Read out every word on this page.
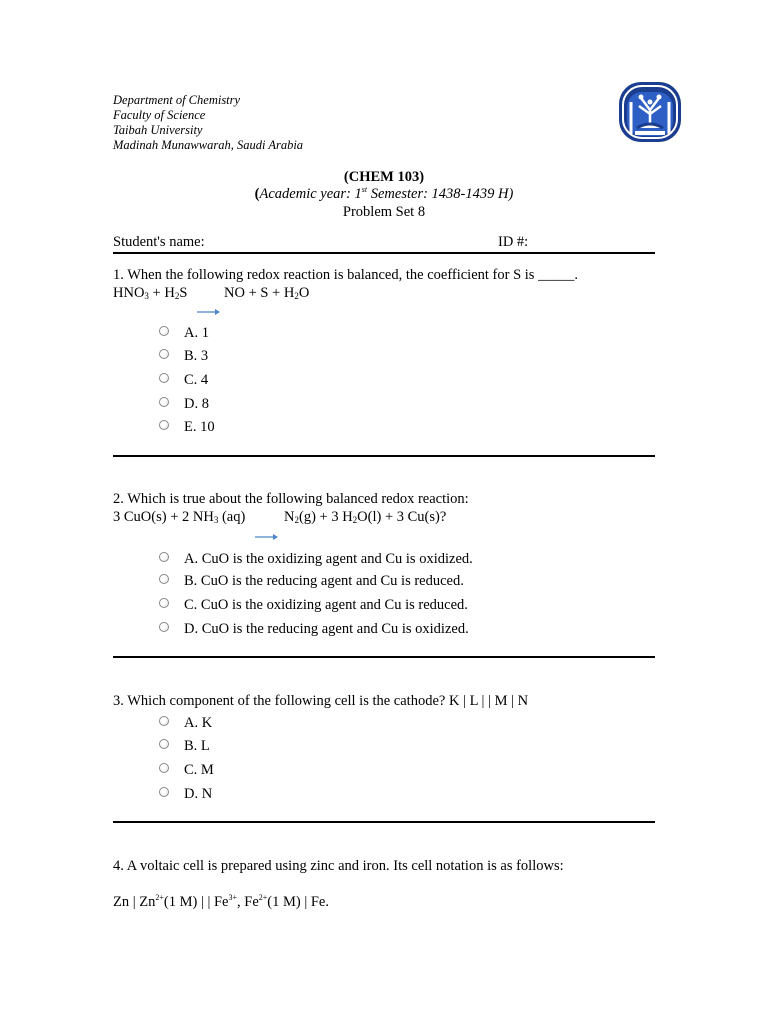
Department of Chemistry
Faculty of Science
Taibah University
Madinah Munawwarah, Saudi Arabia
(CHEM 103)
(Academic year: 1st Semester: 1438-1439 H)
Problem Set 8
Student's name:	ID #:
1. When the following redox reaction is balanced, the coefficient for S is _____.
$HNO_3 + H_2S$	NO + $S + H_2O$
A. 1
B. 3
C. 4
D. 8
E. 10
2. Which is true about the following balanced redox reaction:
3 CuO(s) + 2 $NH_3$ (aq)	$N_2(g) + 3$ $H_2O(l) + 3$ Cu(s)?
A. CuO is the oxidizing agent and Cu is oxidized.
B. CuO is the reducing agent and Cu is reduced.
C. CuO is the oxidizing agent and Cu is reduced.
D. CuO is the reducing agent and Cu is oxidized.
3. Which component of the following cell is the cathode? K | L | | M | N
A. K
B. L
C. M
D. N
4. A voltaic cell is prepared using zinc and iron. Its cell notation is as follows:
Zn | $Zn^{2+}(1$ M) | | $Fe^{3+}$, $Fe^{2+}(1$ M) | Fe.
